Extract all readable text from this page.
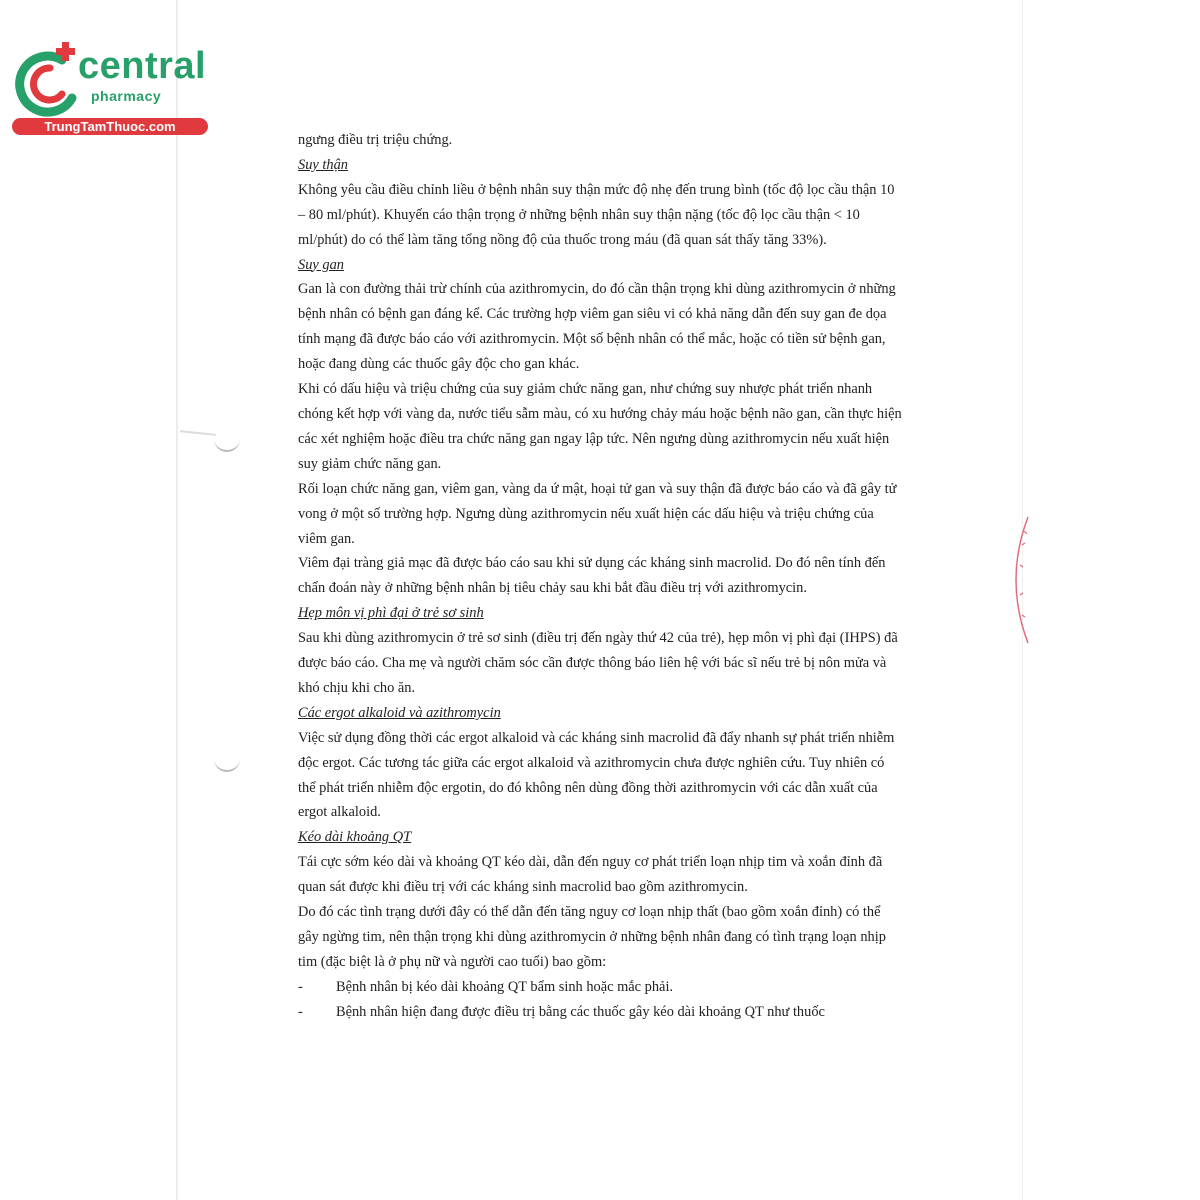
central
pharmacy
TrungTamThuoc.com

ngưng điều trị triệu chứng.

Suy thận

Không yêu cầu điều chỉnh liều ở bệnh nhân suy thận mức độ nhẹ đến trung bình (tốc độ lọc cầu thận 10 – 80 ml/phút). Khuyến cáo thận trọng ở những bệnh nhân suy thận nặng (tốc độ lọc cầu thận < 10 ml/phút) do có thể làm tăng tổng nồng độ của thuốc trong máu (đã quan sát thấy tăng 33%).

Suy gan

Gan là con đường thải trừ chính của azithromycin, do đó cần thận trọng khi dùng azithromycin ở những bệnh nhân có bệnh gan đáng kể. Các trường hợp viêm gan siêu vi có khả năng dẫn đến suy gan đe dọa tính mạng đã được báo cáo với azithromycin. Một số bệnh nhân có thể mắc, hoặc có tiền sử bệnh gan, hoặc đang dùng các thuốc gây độc cho gan khác.

Khi có dấu hiệu và triệu chứng của suy giảm chức năng gan, như chứng suy nhược phát triển nhanh chóng kết hợp với vàng da, nước tiểu sẫm màu, có xu hướng chảy máu hoặc bệnh não gan, cần thực hiện các xét nghiệm hoặc điều tra chức năng gan ngay lập tức. Nên ngưng dùng azithromycin nếu xuất hiện suy giảm chức năng gan.

Rối loạn chức năng gan, viêm gan, vàng da ứ mật, hoại tử gan và suy thận đã được báo cáo và đã gây tử vong ở một số trường hợp. Ngưng dùng azithromycin nếu xuất hiện các dấu hiệu và triệu chứng của viêm gan.

Viêm đại tràng giả mạc đã được báo cáo sau khi sử dụng các kháng sinh macrolid. Do đó nên tính đến chẩn đoán này ở những bệnh nhân bị tiêu chảy sau khi bắt đầu điều trị với azithromycin.

Hẹp môn vị phì đại ở trẻ sơ sinh

Sau khi dùng azithromycin ở trẻ sơ sinh (điều trị đến ngày thứ 42 của trẻ), hẹp môn vị phì đại (IHPS) đã được báo cáo. Cha mẹ và người chăm sóc cần được thông báo liên hệ với bác sĩ nếu trẻ bị nôn mửa và khó chịu khi cho ăn.

Các ergot alkaloid và azithromycin

Việc sử dụng đồng thời các ergot alkaloid và các kháng sinh macrolid đã đẩy nhanh sự phát triển nhiễm độc ergot. Các tương tác giữa các ergot alkaloid và azithromycin chưa được nghiên cứu. Tuy nhiên có thể phát triển nhiễm độc ergotin, do đó không nên dùng đồng thời azithromycin với các dẫn xuất của ergot alkaloid.

Kéo dài khoảng QT

Tái cực sớm kéo dài và khoảng QT kéo dài, dẫn đến nguy cơ phát triển loạn nhịp tim và xoắn đỉnh đã quan sát được khi điều trị với các kháng sinh macrolid bao gồm azithromycin.

Do đó các tình trạng dưới đây có thể dẫn đến tăng nguy cơ loạn nhịp thất (bao gồm xoắn đỉnh) có thể gây ngừng tim, nên thận trọng khi dùng azithromycin ở những bệnh nhân đang có tình trạng loạn nhịp tim (đặc biệt là ở phụ nữ và người cao tuổi) bao gồm:

-	Bệnh nhân bị kéo dài khoảng QT bẩm sinh hoặc mắc phải.
-	Bệnh nhân hiện đang được điều trị bằng các thuốc gây kéo dài khoảng QT như thuốc
